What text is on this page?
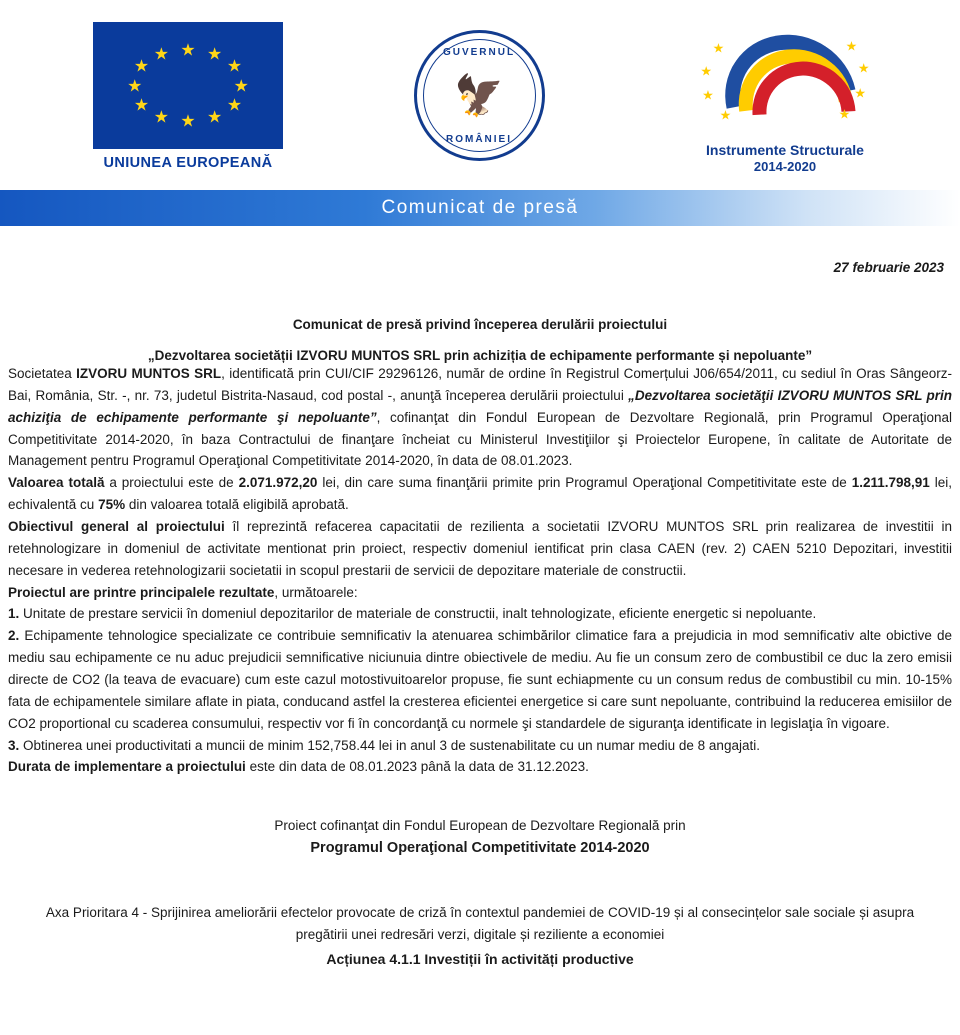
★ ★
★
★
★
★
★
★
★
★
★
★
UNIUNEA EUROPEANĂ
GUVERNUL
🦅
ROMÂNIEI
★
★
★
★
★
★
★
★
Instrumente Structurale
2014-2020
Comunicat de presă
27 februarie 2023
Comunicat de presă privind începerea derulării proiectului
„Dezvoltarea societății IZVORU MUNTOS SRL prin achiziția de echipamente performante și nepoluante”

Societatea IZVORU MUNTOS SRL, identificată prin CUI/CIF 29296126, număr de ordine în Registrul Comerțului J06/654/2011, cu sediul în Oras Sângeorz-Bai, România, Str. -, nr. 73, judetul Bistrita-Nasaud, cod postal -, anunţă începerea derulării proiectului „Dezvoltarea societăţii IZVORU MUNTOS SRL prin achiziţia de echipamente performante şi nepoluante”, cofinanţat din Fondul European de Dezvoltare Regională, prin Programul Operaţional Competitivitate 2014-2020, în baza Contractului de finanţare încheiat cu Ministerul Investiţiilor şi Proiectelor Europene, în calitate de Autoritate de Management pentru Programul Operaţional Competitivitate 2014-2020, în data de 08.01.2023.

Valoarea totală a proiectului este de 2.071.972,20 lei, din care suma finanţării primite prin Programul Operaţional Competitivitate este de 1.211.798,91 lei, echivalentă cu 75% din valoarea totală eligibilă aprobată.

Obiectivul general al proiectului îl reprezintă refacerea capacitatii de rezilienta a societatii IZVORU MUNTOS SRL prin realizarea de investitii in retehnologizare in domeniul de activitate mentionat prin proiect, respectiv domeniul ientificat prin clasa CAEN (rev. 2) CAEN 5210 Depozitari, investitii necesare in vederea retehnologizarii societatii in scopul prestarii de servicii de depozitare materiale de constructii.

Proiectul are printre principalele rezultate, următoarele:

1. Unitate de prestare servicii în domeniul depozitarilor de materiale de constructii, inalt tehnologizate, eficiente energetic si nepoluante.

2. Echipamente tehnologice specializate ce contribuie semnificativ la atenuarea schimbărilor climatice fara a prejudicia in mod semnificativ alte obictive de mediu sau echipamente ce nu aduc prejudicii semnificative niciunuia dintre obiectivele de mediu. Au fie un consum zero de combustibil ce duc la zero emisii directe de CO2 (la teava de evacuare) cum este cazul motostivuitoarelor propuse, fie sunt echiapmente cu un consum redus de combustibil cu min. 10-15% fata de echipamentele similare aflate in piata, conducand astfel la cresterea eficientei energetice si care sunt nepoluante, contribuind la reducerea emisiilor de CO2 proportional cu scaderea consumului, respectiv vor fi în concordanţă cu normele şi standardele de siguranţa identificate in legislaţia în vigoare.

3. Obtinerea unei productivitati a muncii de minim 152,758.44 lei in anul 3 de sustenabilitate cu un numar mediu de 8 angajati.

Durata de implementare a proiectului este din data de 08.01.2023 până la data de 31.12.2023.

Proiect cofinanţat din Fondul European de Dezvoltare Regională prin
Programul Operaţional Competitivitate 2014-2020
Axa Prioritara 4 - Sprijinirea ameliorării efectelor provocate de criză în contextul pandemiei de COVID-19 și al consecințelor sale sociale și asupra pregătirii unei redresări verzi, digitale și reziliente a economiei
Acțiunea 4.1.1 Investiții în activități productive
